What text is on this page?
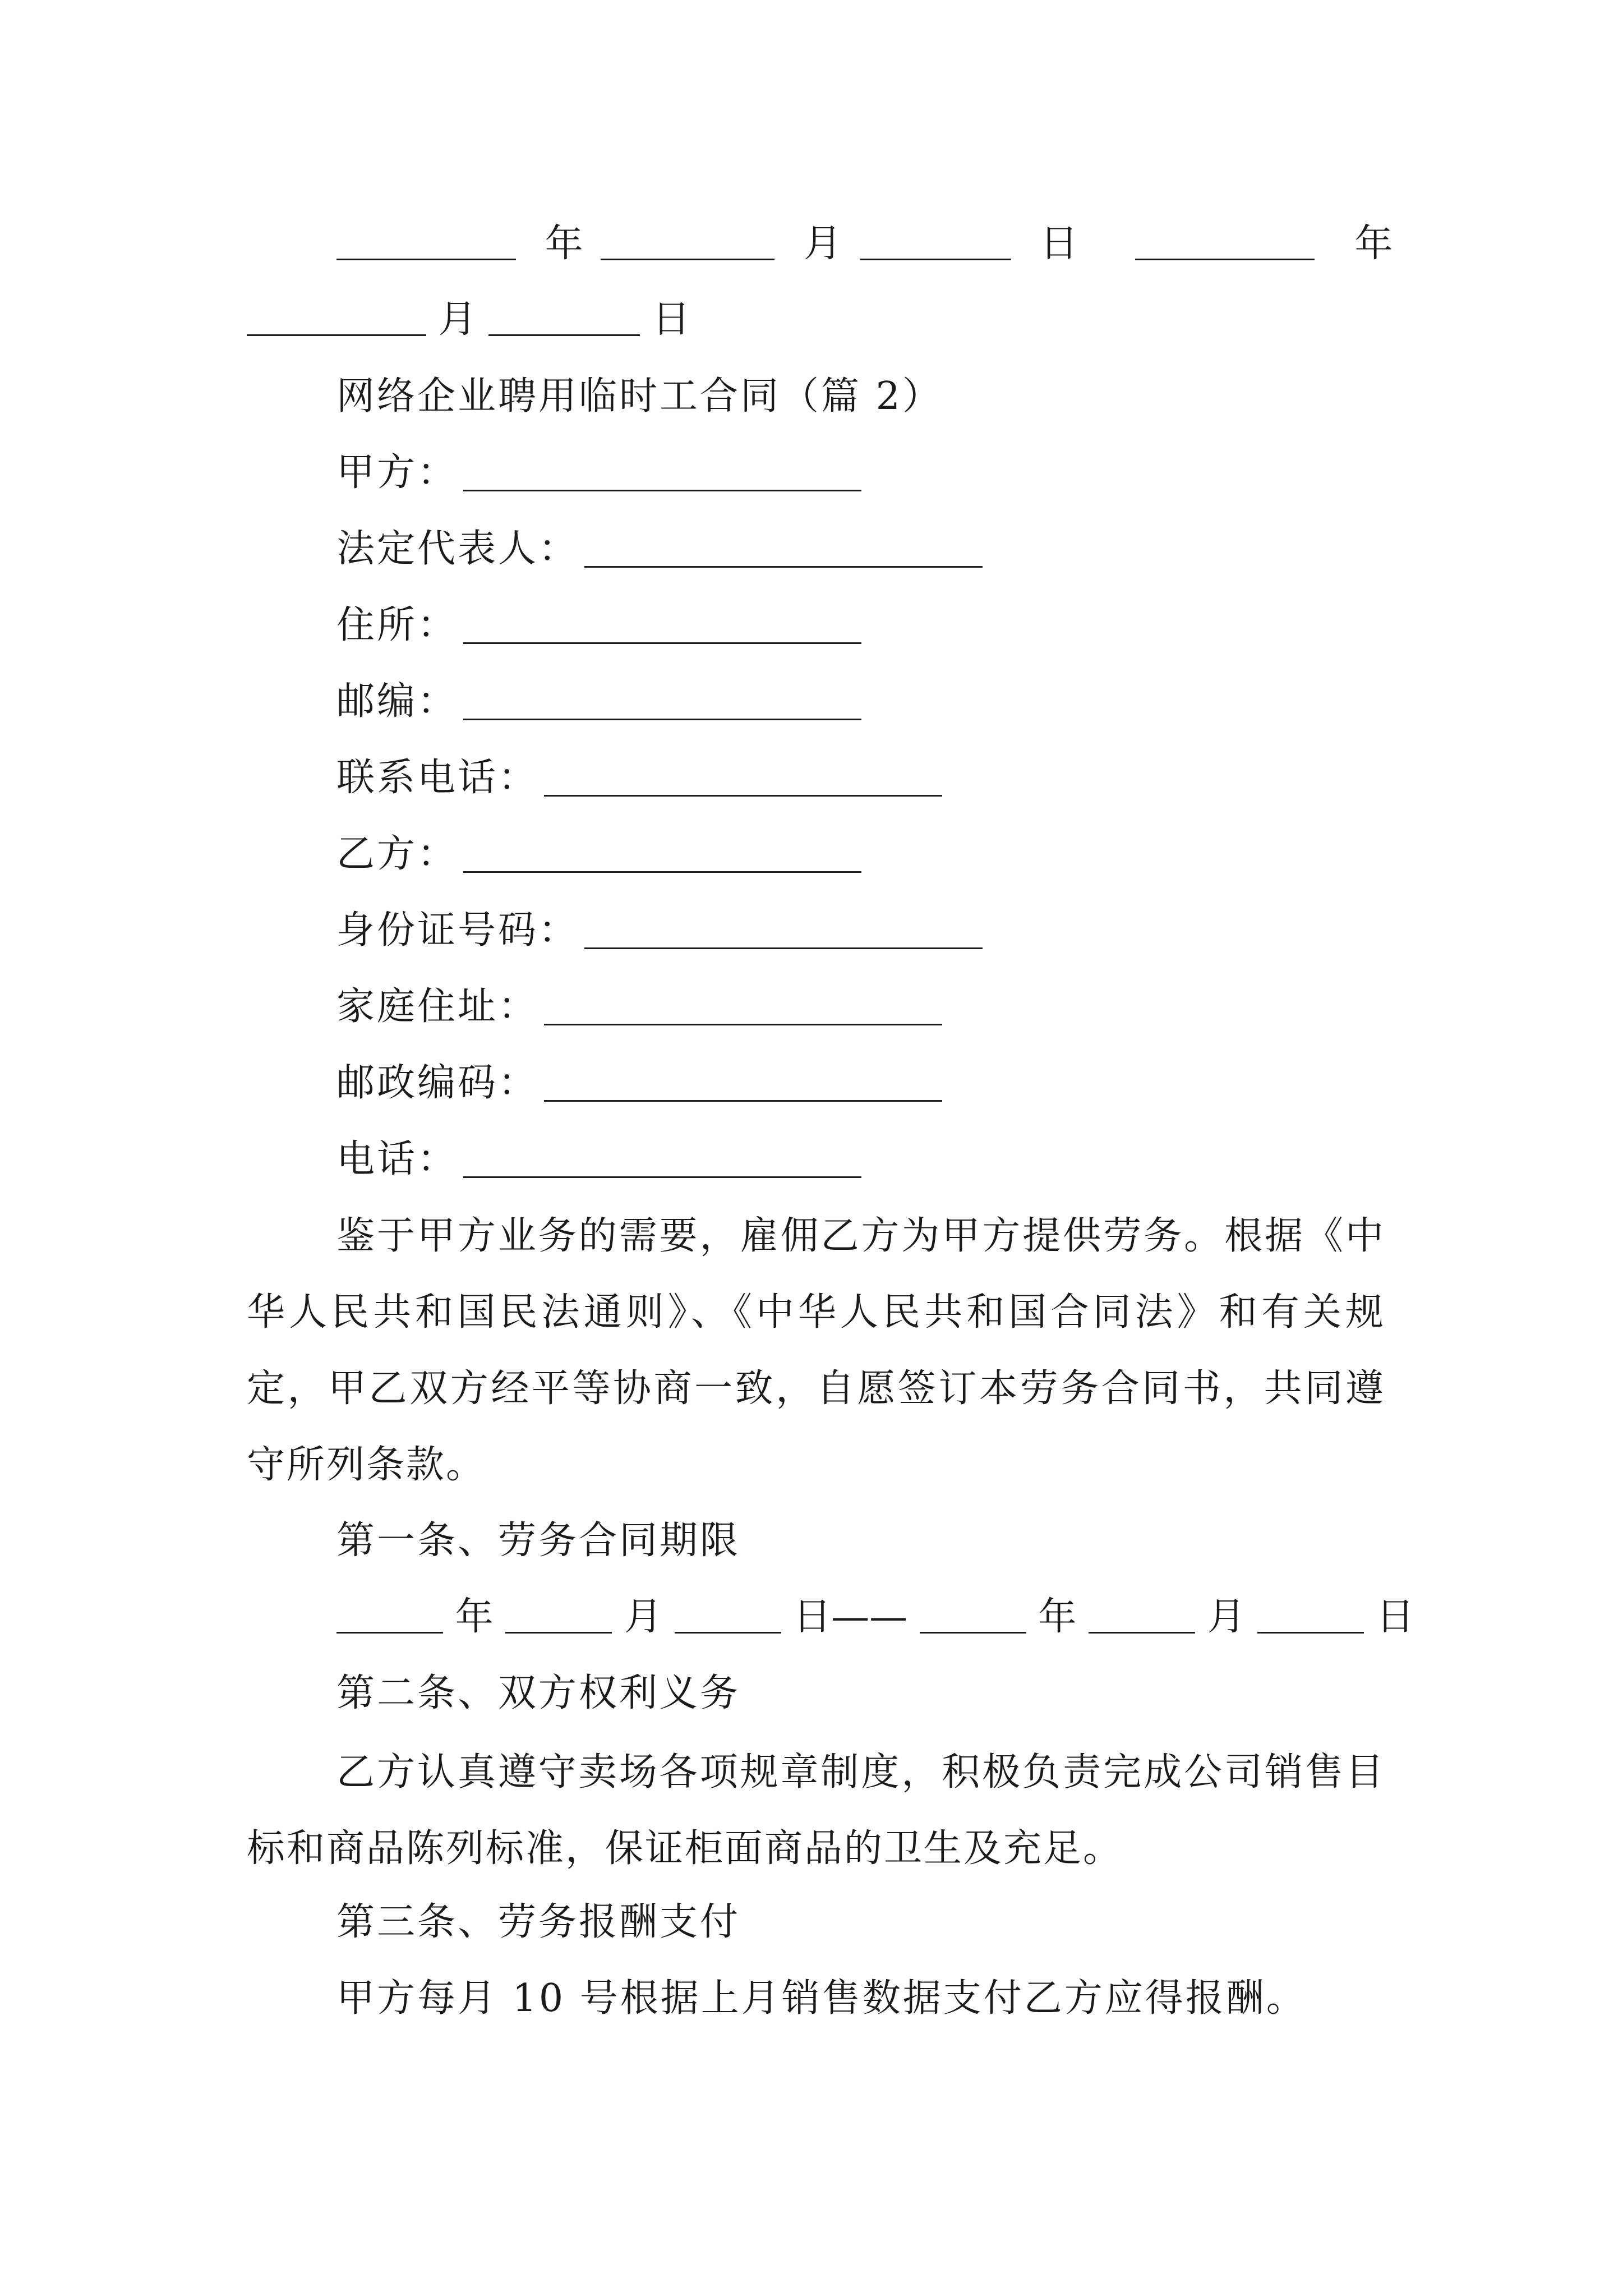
年	月	日	年
月	日
网络企业聘用临时工合同（篇 2）
甲方：
法定代表人：
住所：
邮编：
联系电话：
乙方：
身份证号码：
家庭住址：
邮政编码：
电话：
鉴于甲方业务的需要，雇佣乙方为甲方提供劳务。根据《中华人民共和国民法通则》、《中华人民共和国合同法》和有关规定，甲乙双方经平等协商一致，自愿签订本劳务合同书，共同遵守所列条款。
第一条、劳务合同期限
年	月	日——	年	月	日
第二条、双方权利义务
乙方认真遵守卖场各项规章制度，积极负责完成公司销售目标和商品陈列标准，保证柜面商品的卫生及充足。
第三条、劳务报酬支付
甲方每月 10 号根据上月销售数据支付乙方应得报酬。
